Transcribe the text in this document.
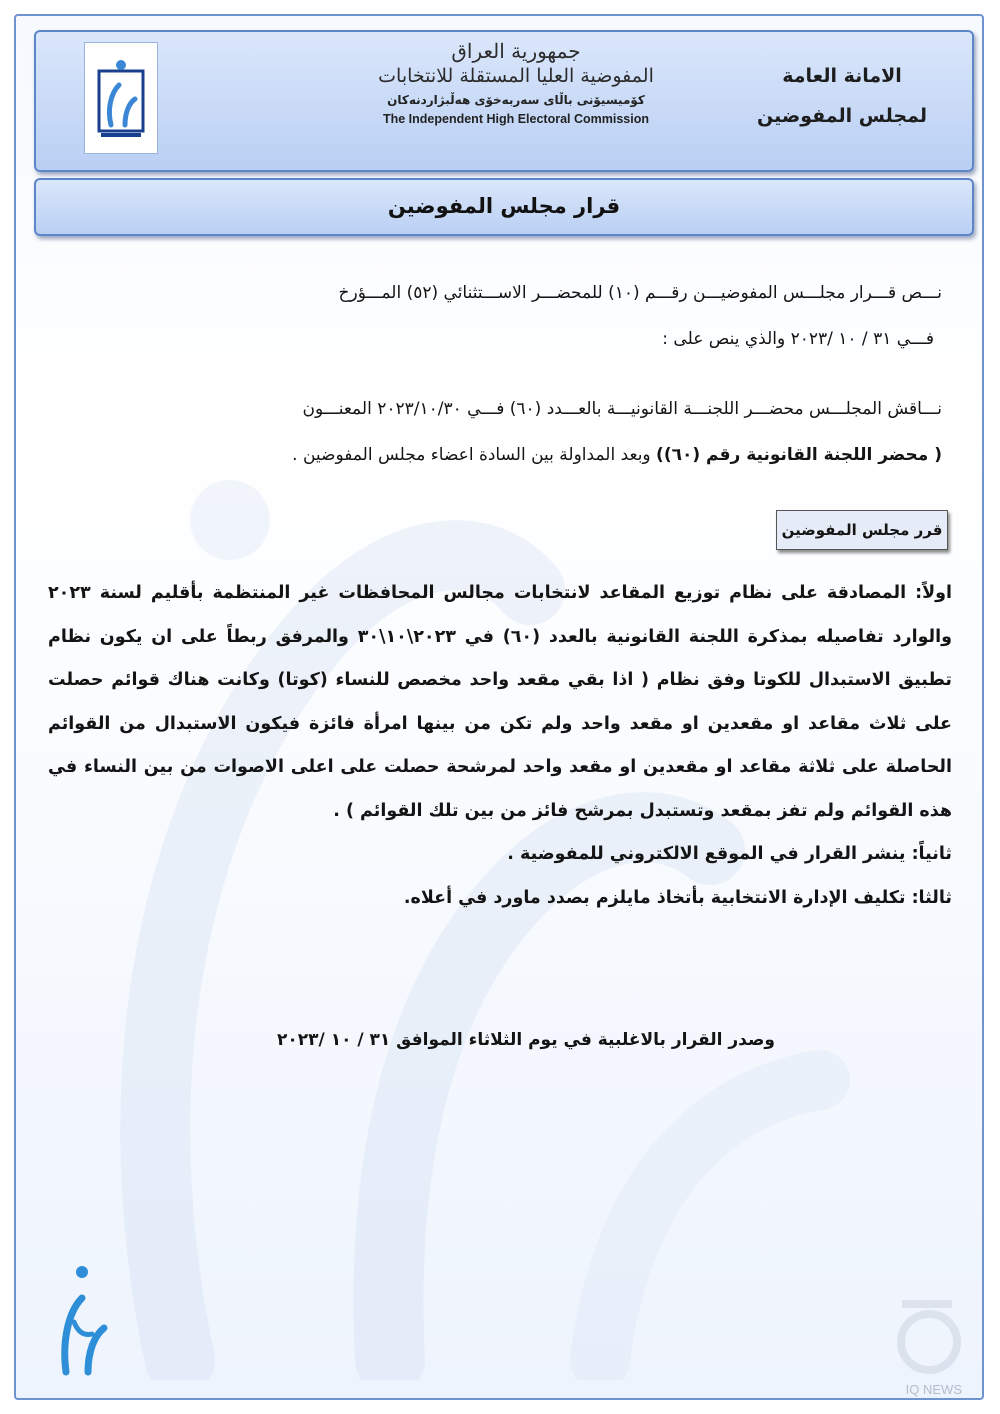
جمهورية العراق
المفوضية العليا المستقلة للانتخابات
کۆمیسیۆنی باڵای سەربەخۆی هەڵبژاردنەکان
The Independent High Electoral Commission
الامانة العامة
لمجلس المفوضين
قرار مجلس المفوضين
نـــص قـــرار مجلـــس المفوضيـــن رقـــم (١٠) للمحضـــر الاســـتثنائي (٥٢) المـــؤرخ
فـــي ٣١ / ١٠ /٢٠٢٣ والذي ينص على :
نـــاقش المجلـــس محضـــر اللجنـــة القانونيـــة بالعـــدد (٦٠) فـــي ٢٠٢٣/١٠/٣٠ المعنـــون
( محضر اللجنة القانونية رقم (٦٠)) وبعد المداولة بين السادة اعضاء مجلس المفوضين .
قرر مجلس المفوضين

اولاً: المصادقة على نظام توزيع المقاعد لانتخابات مجالس المحافظات غير المنتظمة بأقليم لسنة ٢٠٢٣ والوارد تفاصيله بمذكرة اللجنة القانونية بالعدد (٦٠) في ٢٠٢٣\١٠\٣٠ والمرفق ربطاً على ان يكون نظام تطبيق الاستبدال للكوتا وفق نظام ( اذا بقي مقعد واحد مخصص للنساء (كوتا) وكانت هناك قوائم حصلت على ثلاث مقاعد او مقعدين او مقعد واحد ولم تكن من بينها امرأة فائزة فيكون الاستبدال من القوائم الحاصلة على ثلاثة مقاعد او مقعدين او مقعد واحد لمرشحة حصلت على اعلى الاصوات من بين النساء في هذه القوائم ولم تفز بمقعد وتستبدل بمرشح فائز من بين تلك القوائم ) .

ثانياً: ينشر القرار في الموقع الالكتروني للمفوضية .

ثالثا: تكليف الإدارة الانتخابية بأتخاذ مايلزم بصدد ماورد في أعلاه.

وصدر القرار بالاغلبية في يوم الثلاثاء الموافق ٣١ / ١٠ /٢٠٢٣
IQ NEWS
